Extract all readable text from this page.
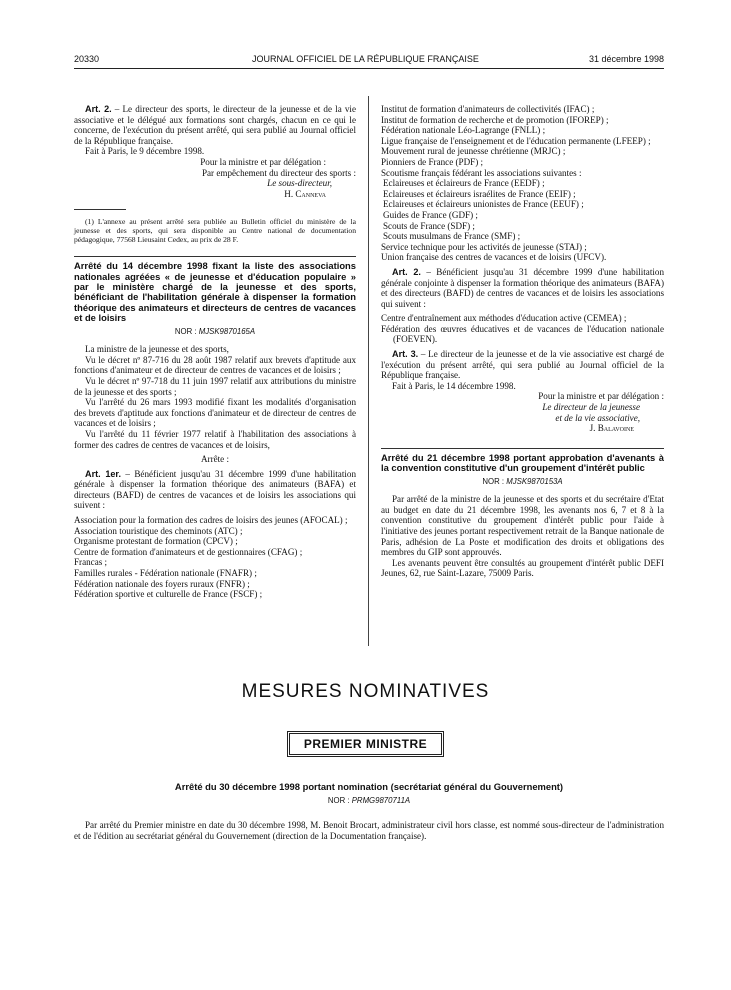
20330	JOURNAL OFFICIEL DE LA RÉPUBLIQUE FRANÇAISE	31 décembre 1998

Art. 2. – Le directeur des sports, le directeur de la jeunesse et de la vie associative et le délégué aux formations sont chargés, chacun en ce qui le concerne, de l'exécution du présent arrêté, qui sera publié au Journal officiel de la République française.

Fait à Paris, le 9 décembre 1998.

Pour la ministre et par délégation :

Par empêchement du directeur des sports :

Le sous-directeur,

H. Canneva

(1) L'annexe au présent arrêté sera publiée au Bulletin officiel du ministère de la jeunesse et des sports, qui sera disponible au Centre national de documentation pédagogique, 77568 Lieusaint Cedex, au prix de 28 F.

Arrêté du 14 décembre 1998 fixant la liste des associations nationales agréées « de jeunesse et d'éducation populaire » par le ministère chargé de la jeunesse et des sports, bénéficiant de l'habilitation générale à dispenser la formation théorique des animateurs et directeurs de centres de vacances et de loisirs

NOR : MJSK9870165A

La ministre de la jeunesse et des sports,

Vu le décret nº 87-716 du 28 août 1987 relatif aux brevets d'aptitude aux fonctions d'animateur et de directeur de centres de vacances et de loisirs ;

Vu le décret nº 97-718 du 11 juin 1997 relatif aux attributions du ministre de la jeunesse et des sports ;

Vu l'arrêté du 26 mars 1993 modifié fixant les modalités d'organisation des brevets d'aptitude aux fonctions d'animateur et de directeur de centres de vacances et de loisirs ;

Vu l'arrêté du 11 février 1977 relatif à l'habilitation des associations à former des cadres de centres de vacances et de loisirs,

Arrête :

Art. 1er. – Bénéficient jusqu'au 31 décembre 1999 d'une habilitation générale à dispenser la formation théorique des animateurs (BAFA) et directeurs (BAFD) de centres de vacances et de loisirs les associations qui suivent :

Association pour la formation des cadres de loisirs des jeunes (AFOCAL) ;

Association touristique des cheminots (ATC) ;

Organisme protestant de formation (CPCV) ;

Centre de formation d'animateurs et de gestionnaires (CFAG) ;

Francas ;

Familles rurales - Fédération nationale (FNAFR) ;

Fédération nationale des foyers ruraux (FNFR) ;

Fédération sportive et culturelle de France (FSCF) ;

Institut de formation d'animateurs de collectivités (IFAC) ;

Institut de formation de recherche et de promotion (IFOREP) ;

Fédération nationale Léo-Lagrange (FNLL) ;

Ligue française de l'enseignement et de l'éducation permanente (LFEEP) ;

Mouvement rural de jeunesse chrétienne (MRJC) ;

Pionniers de France (PDF) ;

Scoutisme français fédérant les associations suivantes :

Eclaireuses et éclaireurs de France (EEDF) ;

Eclaireuses et éclaireurs israélites de France (EEIF) ;

Eclaireuses et éclaireurs unionistes de France (EEUF) ;

Guides de France (GDF) ;

Scouts de France (SDF) ;

Scouts musulmans de France (SMF) ;

Service technique pour les activités de jeunesse (STAJ) ;

Union française des centres de vacances et de loisirs (UFCV).

Art. 2. – Bénéficient jusqu'au 31 décembre 1999 d'une habilitation générale conjointe à dispenser la formation théorique des animateurs (BAFA) et des directeurs (BAFD) de centres de vacances et de loisirs les associations qui suivent :

Centre d'entraînement aux méthodes d'éducation active (CEMEA) ;

Fédération des œuvres éducatives et de vacances de l'éducation nationale (FOEVEN).

Art. 3. – Le directeur de la jeunesse et de la vie associative est chargé de l'exécution du présent arrêté, qui sera publié au Journal officiel de la République française.

Fait à Paris, le 14 décembre 1998.

Pour la ministre et par délégation :

Le directeur de la jeunesse

et de la vie associative,

J. Balavoine

Arrêté du 21 décembre 1998 portant approbation d'avenants à la convention constitutive d'un groupement d'intérêt public

NOR : MJSK9870153A

Par arrêté de la ministre de la jeunesse et des sports et du secrétaire d'Etat au budget en date du 21 décembre 1998, les avenants nos 6, 7 et 8 à la convention constitutive du groupement d'intérêt public pour l'aide à l'initiative des jeunes portant respectivement retrait de la Banque nationale de Paris, adhésion de La Poste et modification des droits et obligations des membres du GIP sont approuvés.

Les avenants peuvent être consultés au groupement d'intérêt public DEFI Jeunes, 62, rue Saint-Lazare, 75009 Paris.

MESURES NOMINATIVES
PREMIER MINISTRE
Arrêté du 30 décembre 1998 portant nomination (secrétariat général du Gouvernement)
NOR : PRMG9870711A

Par arrêté du Premier ministre en date du 30 décembre 1998, M. Benoit Brocart, administrateur civil hors classe, est nommé sous-directeur de l'administration et de l'édition au secrétariat général du Gouvernement (direction de la Documentation française).
